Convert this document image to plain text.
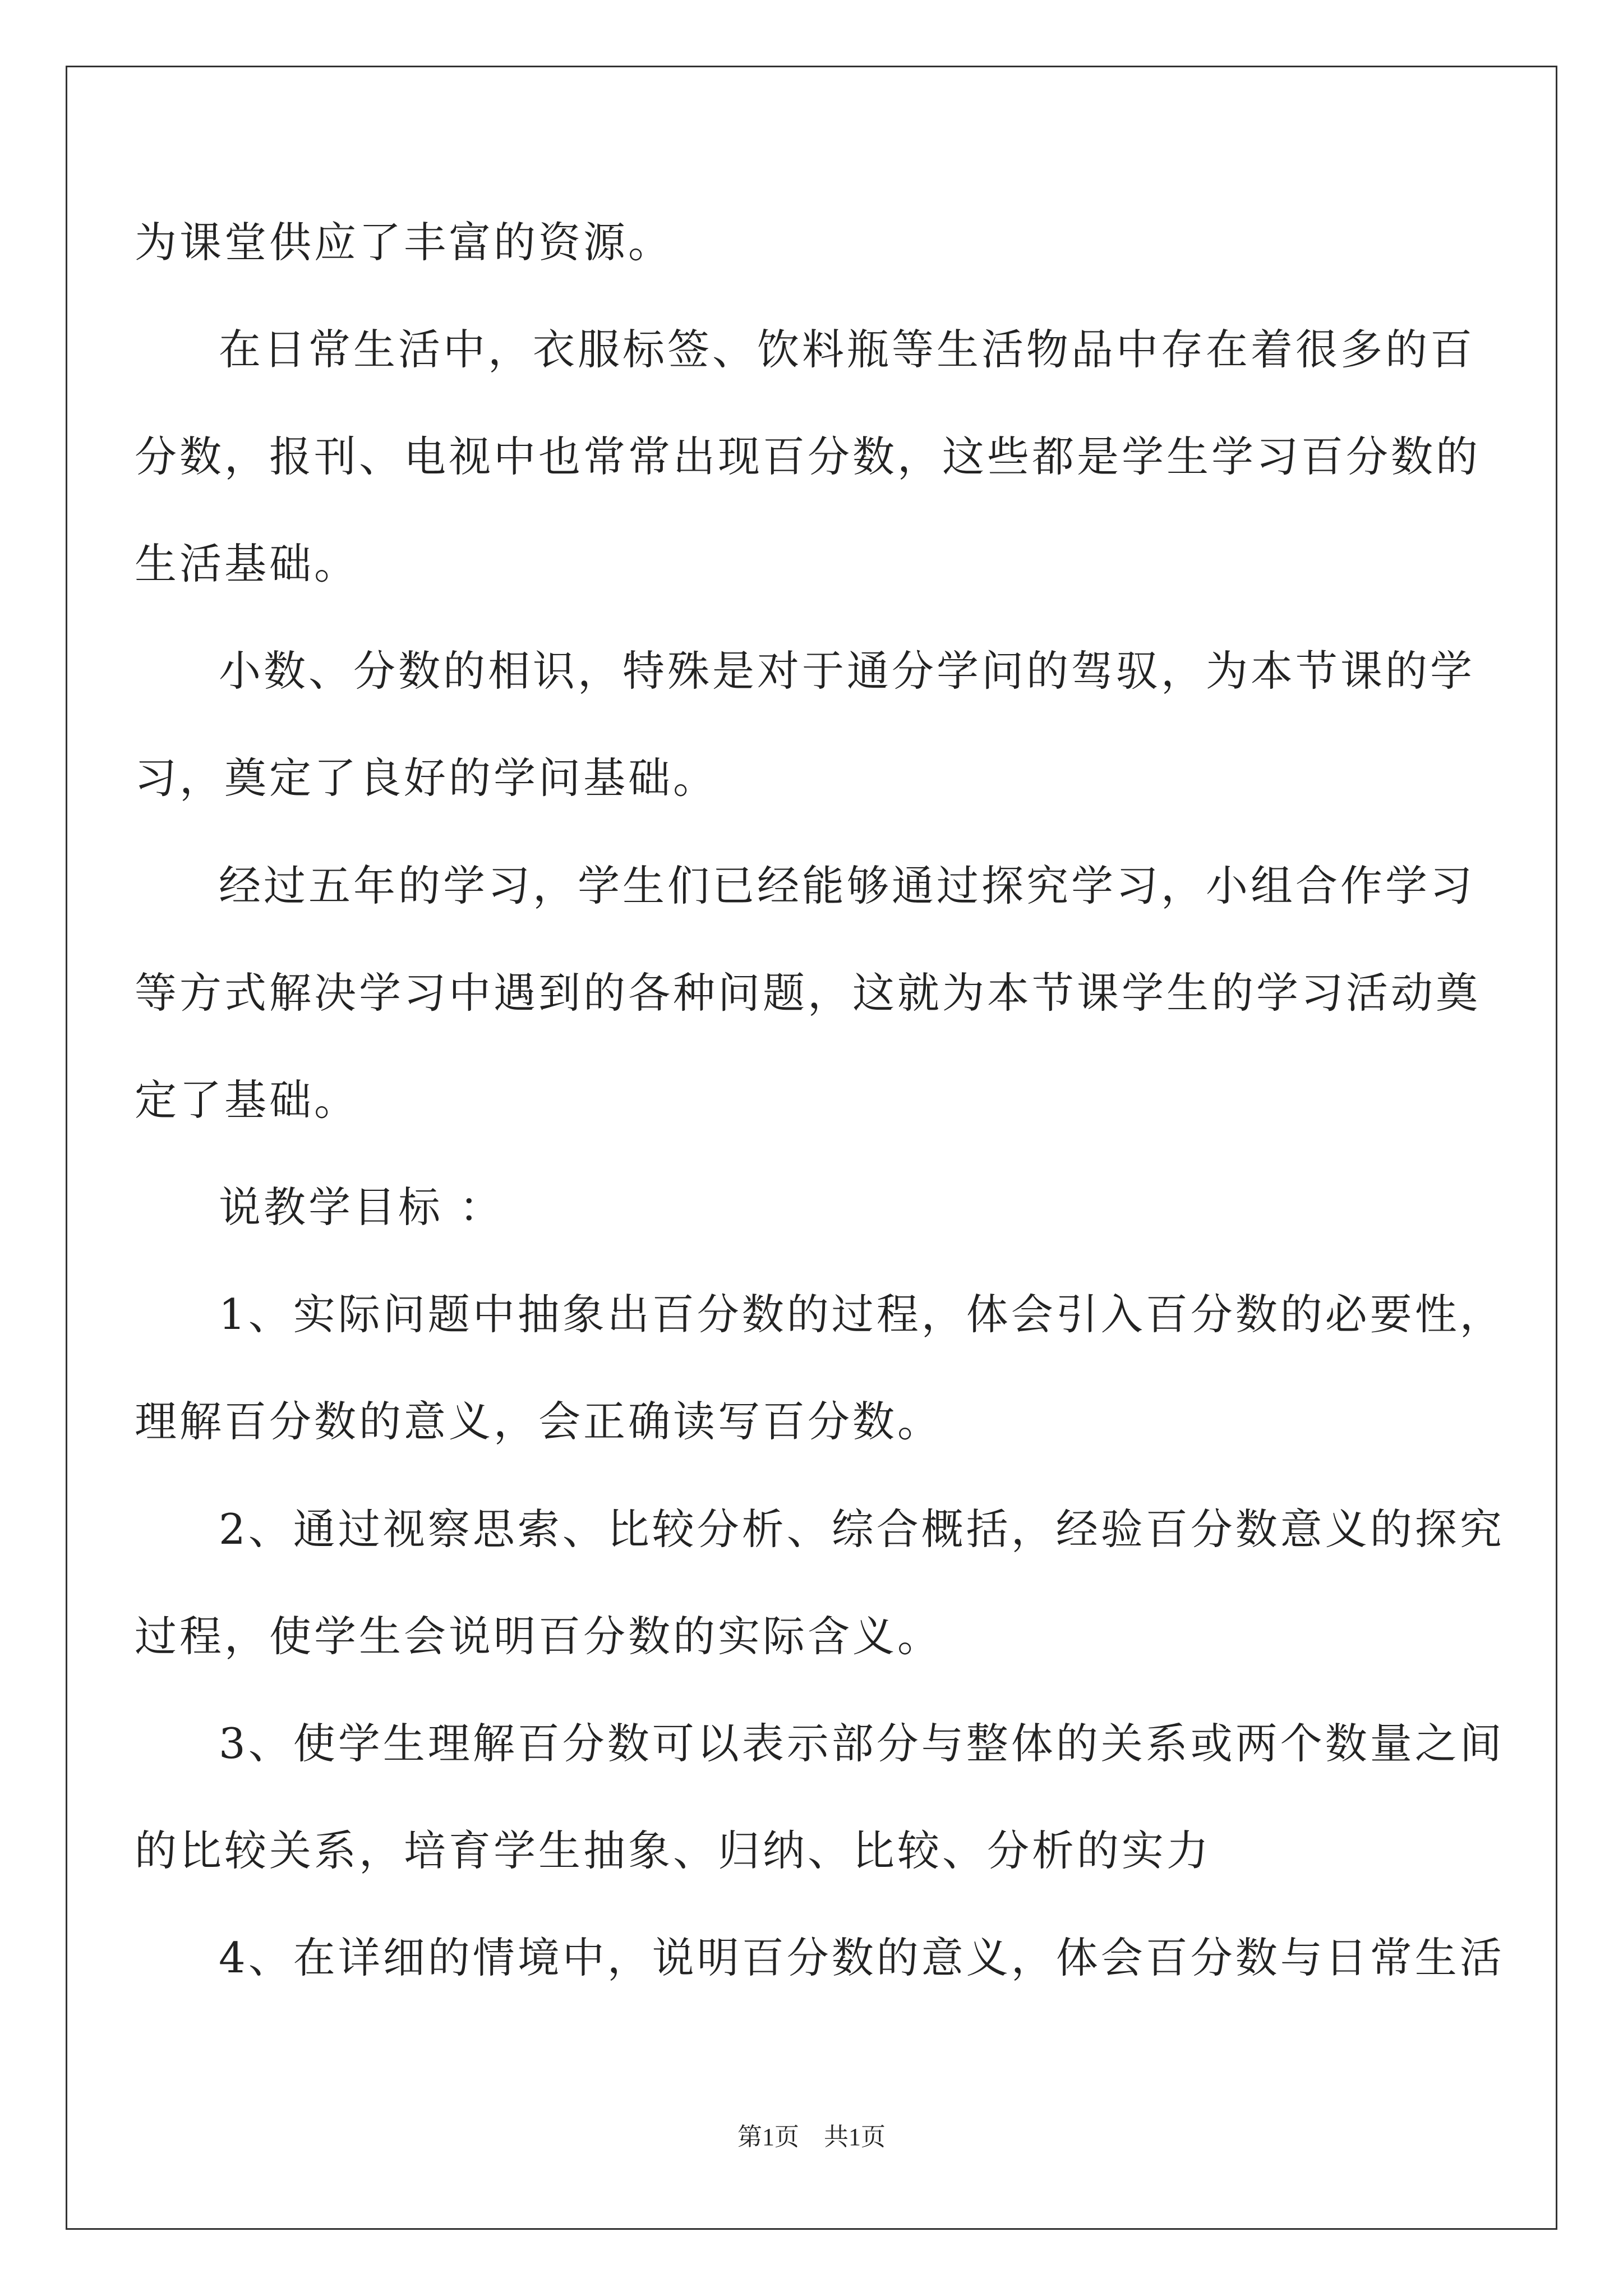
为课堂供应了丰富的资源。
在日常生活中，衣服标签、饮料瓶等生活物品中存在着很多的百
分数，报刊、电视中也常常出现百分数，这些都是学生学习百分数的
生活基础。
小数、分数的相识，特殊是对于通分学问的驾驭，为本节课的学
习，奠定了良好的学问基础。
经过五年的学习，学生们已经能够通过探究学习，小组合作学习
等方式解决学习中遇到的各种问题，这就为本节课学生的学习活动奠
定了基础。
说教学目标 ：
1、实际问题中抽象出百分数的过程，体会引入百分数的必要性，
理解百分数的意义，会正确读写百分数。
2、通过视察思索、比较分析、综合概括，经验百分数意义的探究
过程，使学生会说明百分数的实际含义。
3、使学生理解百分数可以表示部分与整体的关系或两个数量之间
的比较关系，培育学生抽象、归纳、比较、分析的实力
4、在详细的情境中，说明百分数的意义，体会百分数与日常生活
第1页　共1页
